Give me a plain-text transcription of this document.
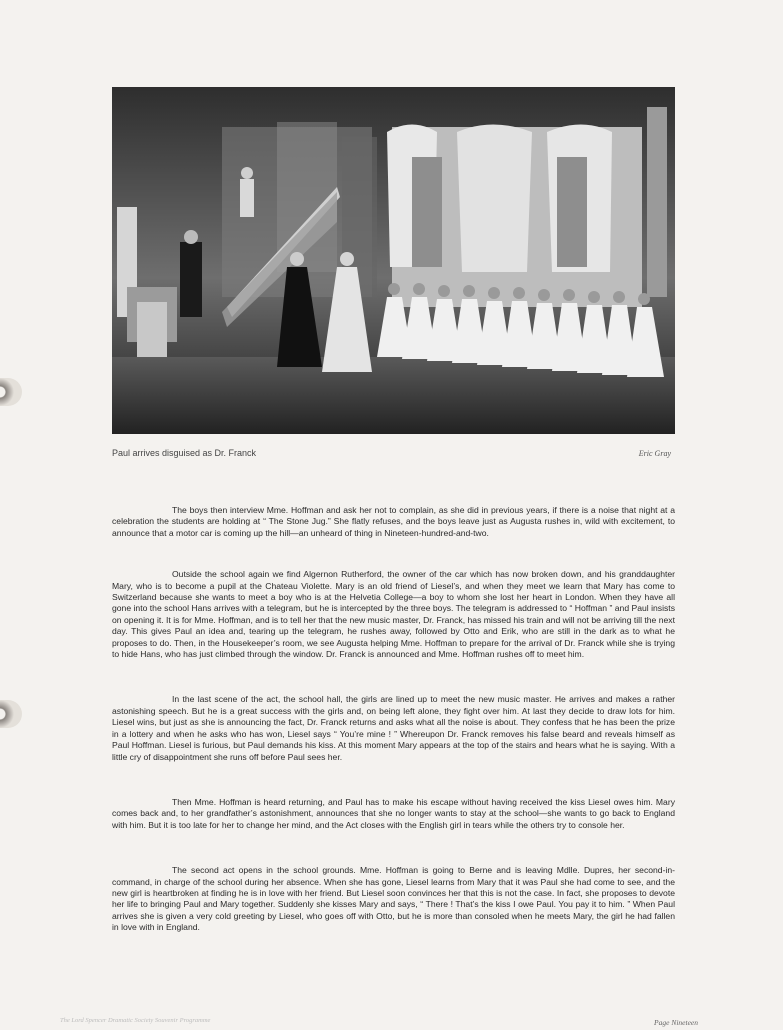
Paul arrives disguised as Dr. Franck	Eric Gray

The boys then interview Mme. Hoffman and ask her not to complain, as she did in previous years, if there is a noise that night at a celebration the students are holding at “ The Stone Jug.” She flatly refuses, and the boys leave just as Augusta rushes in, wild with excitement, to announce that a motor car is coming up the hill—an unheard of thing in Nineteen-hundred-and-two.

Outside the school again we find Algernon Rutherford, the owner of the car which has now broken down, and his granddaughter Mary, who is to become a pupil at the Chateau Violette. Mary is an old friend of Liesel’s, and when they meet we learn that Mary has come to Switzerland because she wants to meet a boy who is at the Helvetia College—a boy to whom she lost her heart in London. When they have all gone into the school Hans arrives with a telegram, but he is intercepted by the three boys. The telegram is addressed to “ Hoffman ” and Paul insists on opening it. It is for Mme. Hoffman, and is to tell her that the new music master, Dr. Franck, has missed his train and will not be arriving till the next day. This gives Paul an idea and, tearing up the telegram, he rushes away, followed by Otto and Erik, who are still in the dark as to what he proposes to do. Then, in the Housekeeper’s room, we see Augusta helping Mme. Hoffman to prepare for the arrival of Dr. Franck while she is trying to hide Hans, who has just climbed through the window. Dr. Franck is announced and Mme. Hoffman rushes off to meet him.

In the last scene of the act, the school hall, the girls are lined up to meet the new music master. He arrives and makes a rather astonishing speech. But he is a great success with the girls and, on being left alone, they fight over him. At last they decide to draw lots for him. Liesel wins, but just as she is announcing the fact, Dr. Franck returns and asks what all the noise is about. They confess that he has been the prize in a lottery and when he asks who has won, Liesel says “ You’re mine ! ” Whereupon Dr. Franck removes his false beard and reveals himself as Paul Hoffman. Liesel is furious, but Paul demands his kiss. At this moment Mary appears at the top of the stairs and hears what he is saying. With a little cry of disappointment she runs off before Paul sees her.

Then Mme. Hoffman is heard returning, and Paul has to make his escape without having received the kiss Liesel owes him. Mary comes back and, to her grandfather’s astonishment, announces that she no longer wants to stay at the school—she wants to go back to England with him. But it is too late for her to change her mind, and the Act closes with the English girl in tears while the others try to console her.

The second act opens in the school grounds. Mme. Hoffman is going to Berne and is leaving Mdlle. Dupres, her second-in-command, in charge of the school during her absence. When she has gone, Liesel learns from Mary that it was Paul she had come to see, and the new girl is heartbroken at finding he is in love with her friend. But Liesel soon convinces her that this is not the case. In fact, she proposes to devote her life to bringing Paul and Mary together. Suddenly she kisses Mary and says, “ There ! That’s the kiss I owe Paul. You pay it to him. ” When Paul arrives she is given a very cold greeting by Liesel, who goes off with Otto, but he is more than consoled when he meets Mary, the girl he had fallen in love with in England.

The Lord Spencer Dramatic Society Souvenir Programme	Page Nineteen
